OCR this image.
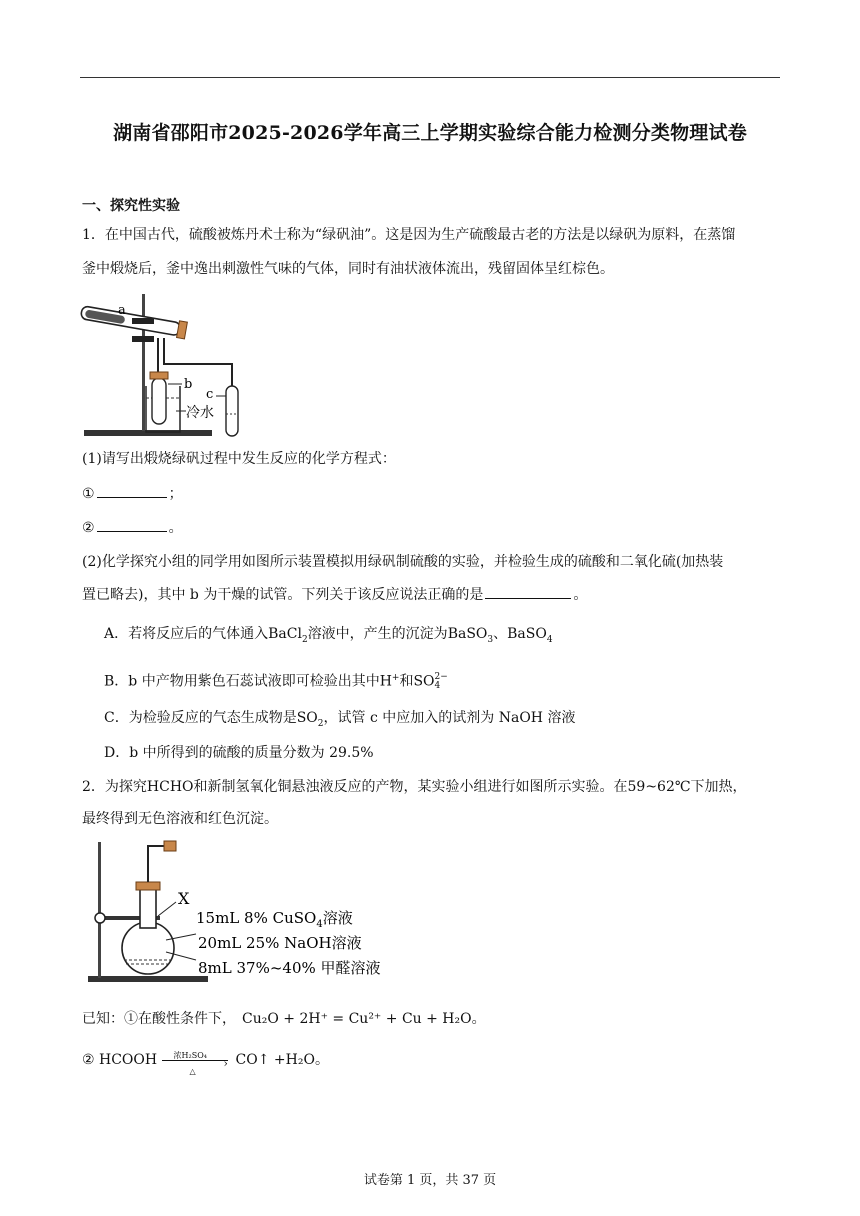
湖南省邵阳市2025-2026学年高三上学期实验综合能力检测分类物理试卷
一、探究性实验
1．在中国古代，硫酸被炼丹术士称为“绿矾油”。这是因为生产硫酸最古老的方法是以绿矾为原料，在蒸馏
釜中煅烧后，釜中逸出刺激性气味的气体，同时有油状液体流出，残留固体呈红棕色。
a
b
c
冷水
(1)请写出煅烧绿矾过程中发生反应的化学方程式：
①	；
②	。
(2)化学探究小组的同学用如图所示装置模拟用绿矾制硫酸的实验，并检验生成的硫酸和二氧化硫(加热装
置已略去)，其中 b 为干燥的试管。下列关于该反应说法正确的是	。
A．若将反应后的气体通入BaCl$_2$溶液中，产生的沉淀为BaSO$_3$、BaSO$_4$
B．b 中产物用紫色石蕊试液即可检验出其中H+和SO 2−
4
C．为检验反应的气态生成物是$SO_2$，试管 c 中应加入的试剂为 NaOH 溶液
D．b 中所得到的硫酸的质量分数为 29.5%
2．为探究HCHO和新制氢氧化铜悬浊液反应的产物，某实验小组进行如图所示实验。在59~62℃下加热，
最终得到无色溶液和红色沉淀。
X
15mL 8% CuSO$_4$溶液
20mL 25% NaOH溶液
8mL 37%~40% 甲醛溶液
已知：①在酸性条件下， Cu₂O + 2H⁺ = Cu²⁺ + Cu + H₂O。
② HCOOH 浓H₂SO₄
›
△
CO↑ +H₂O。
试卷第 1 页，共 37 页
